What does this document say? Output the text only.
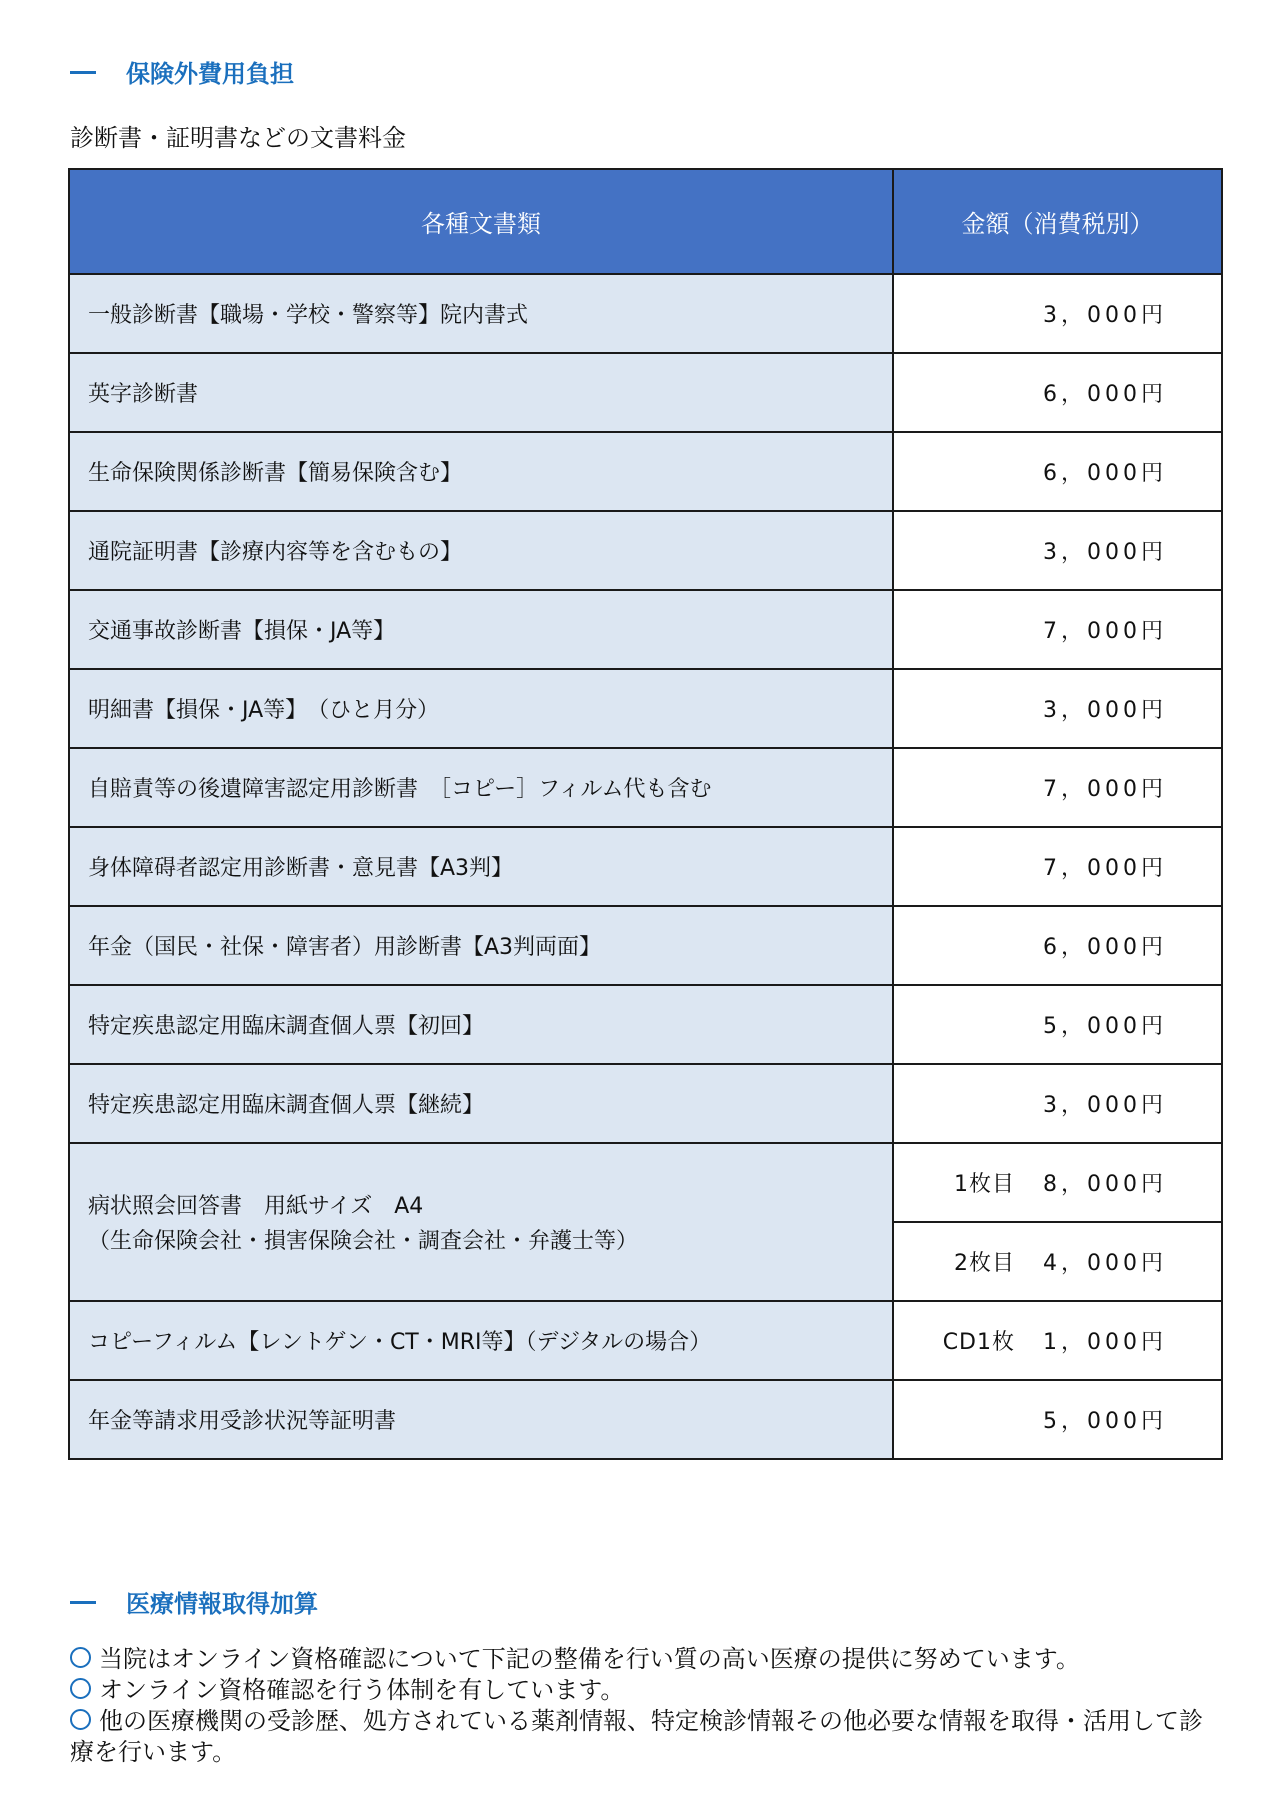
保険外費用負担
診断書・証明書などの文書料金
各種文書類	金額（消費税別）
一般診断書【職場・学校・警察等】院内書式	3，000円
英字診断書	6，000円
生命保険関係診断書【簡易保険含む】	6，000円
通院証明書【診療内容等を含むもの】	3，000円
交通事故診断書【損保・JA等】	7，000円
明細書【損保・JA等】　（ひと月分）	3，000円
自賠責等の後遺障害認定用診断書　［コピー］フィルム代も含む	7，000円
身体障碍者認定用診断書・意見書【A3判】	7，000円
年金（国民・社保・障害者）用診断書【A3判両面】	6，000円
特定疾患認定用臨床調査個人票【初回】	5，000円
特定疾患認定用臨床調査個人票【継続】	3，000円
病状照会回答書　用紙サイズ　A4
（生命保険会社・損害保険会社・調査会社・弁護士等）	1枚目 8，000円
	2枚目 4，000円
コピーフィルム【レントゲン・CT・MRI等】（デジタルの場合）	CD1枚 1，000円
年金等請求用受診状況等証明書	5，000円
医療情報取得加算
当院はオンライン資格確認について下記の整備を行い質の高い医療の提供に努めています。
オンライン資格確認を行う体制を有しています。
他の医療機関の受診歴、処方されている薬剤情報、特定検診情報その他必要な情報を取得・活用して診療を行います。
